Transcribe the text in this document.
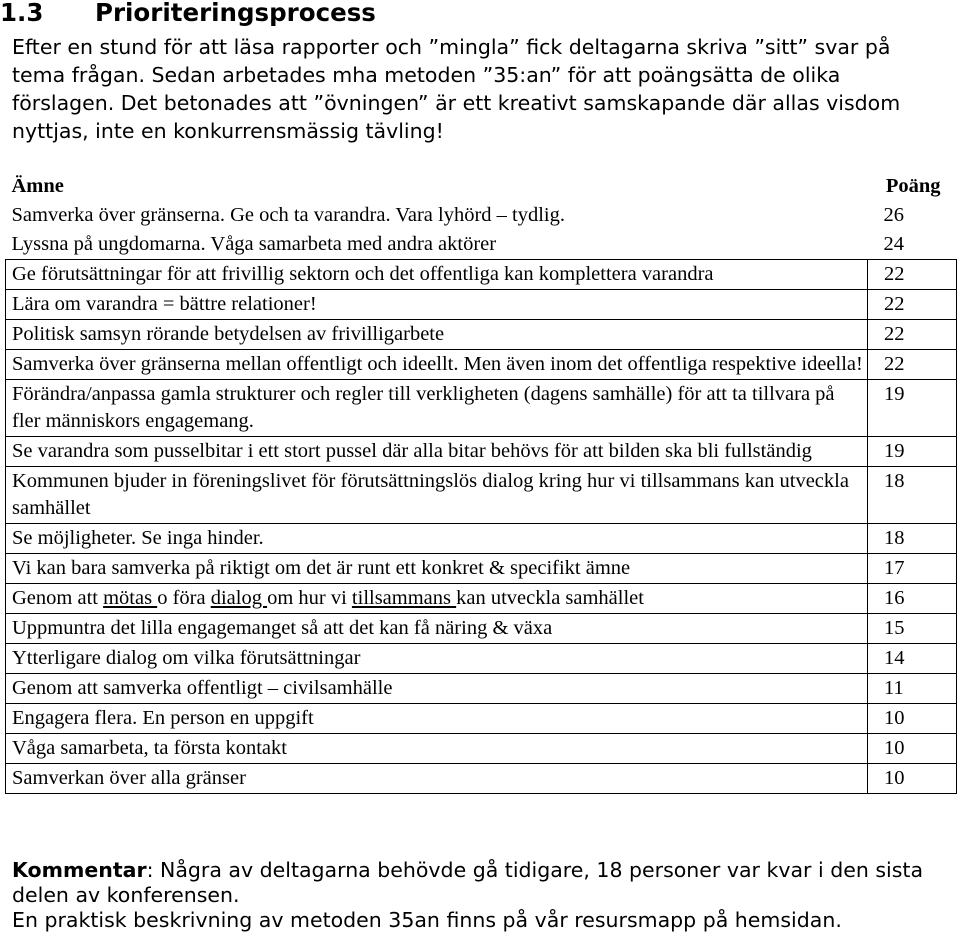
1.3 Prioriteringsprocess

Efter en stund för att läsa rapporter och ”mingla” fick deltagarna skriva ”sitt” svar på tema frågan. Sedan arbetades mha metoden ”35:an” för att poängsätta de olika förslagen. Det betonades att ”övningen” är ett kreativt samskapande där allas visdom nyttjas, inte en konkurrensmässig tävling!

Ämne	Poäng
Samverka över gränserna. Ge och ta varandra. Vara lyhörd – tydlig.	26
Lyssna på ungdomarna. Våga samarbeta med andra aktörer	24
Ge förutsättningar för att frivillig sektorn och det offentliga kan komplettera varandra	22
Lära om varandra = bättre relationer!	22
Politisk samsyn rörande betydelsen av frivilligarbete	22
Samverka över gränserna mellan offentligt och ideellt. Men även inom det offentliga respektive ideella!	22
Förändra/anpassa gamla strukturer och regler till verkligheten (dagens samhälle) för att ta tillvara på fler människors engagemang.	19
Se varandra som pusselbitar i ett stort pussel där alla bitar behövs för att bilden ska bli fullständig	19
Kommunen bjuder in föreningslivet för förutsättningslös dialog kring hur vi tillsammans kan utveckla samhället	18
Se möjligheter. Se inga hinder.	18
Vi kan bara samverka på riktigt om det är runt ett konkret & specifikt ämne	17
Genom att mötas o föra dialog om hur vi tillsammans kan utveckla samhället	16
Uppmuntra det lilla engagemanget så att det kan få näring & växa	15
Ytterligare dialog om vilka förutsättningar	14
Genom att samverka offentligt – civilsamhälle	11
Engagera flera. En person en uppgift	10
Våga samarbeta, ta första kontakt	10
Samverkan över alla gränser	10
Kommentar: Några av deltagarna behövde gå tidigare, 18 personer var kvar i den sista delen av konferensen.
En praktisk beskrivning av metoden 35an finns på vår resursmapp på hemsidan.
